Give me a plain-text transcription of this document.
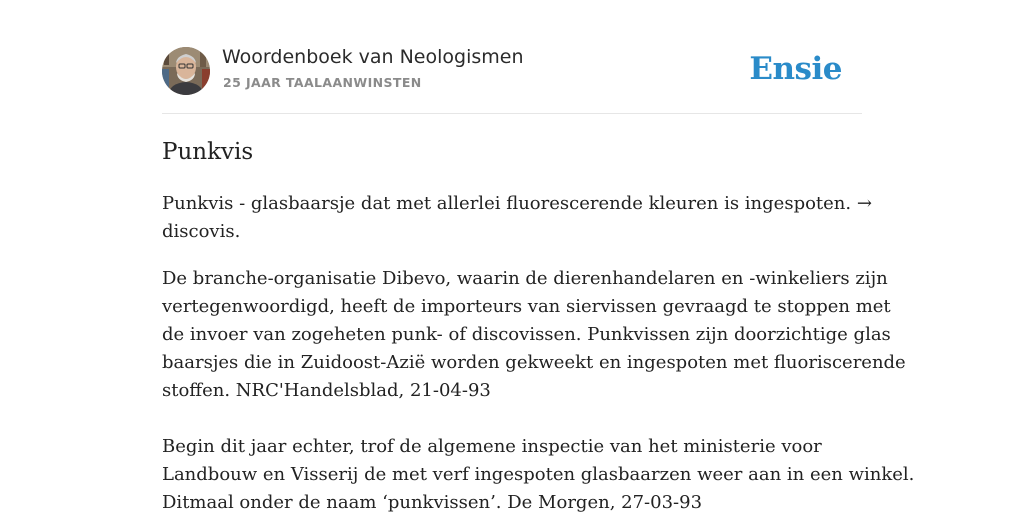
Woordenboek van Neologismen
25 JAAR TAALAANWINSTEN	Ensie
Punkvis

Punkvis - glasbaarsje dat met allerlei fluorescerende kleuren is ingespoten. →
discovis.

De branche-organisatie Dibevo, waarin de dierenhandelaren en -winkeliers zijn
vertegenwoordigd, heeft de importeurs van siervissen gevraagd te stoppen met
de invoer van zogeheten punk- of discovissen. Punkvissen zijn doorzichtige glas
baarsjes die in Zuidoost-Azië worden gekweekt en ingespoten met fluoriscerende
stoffen. NRC'Handelsblad, 21-04-93

Begin dit jaar echter, trof de algemene inspectie van het ministerie voor
Landbouw en Visserij de met verf ingespoten glasbaarzen weer aan in een winkel.
Ditmaal onder de naam ‘punkvissen’. De Morgen, 27-03-93
